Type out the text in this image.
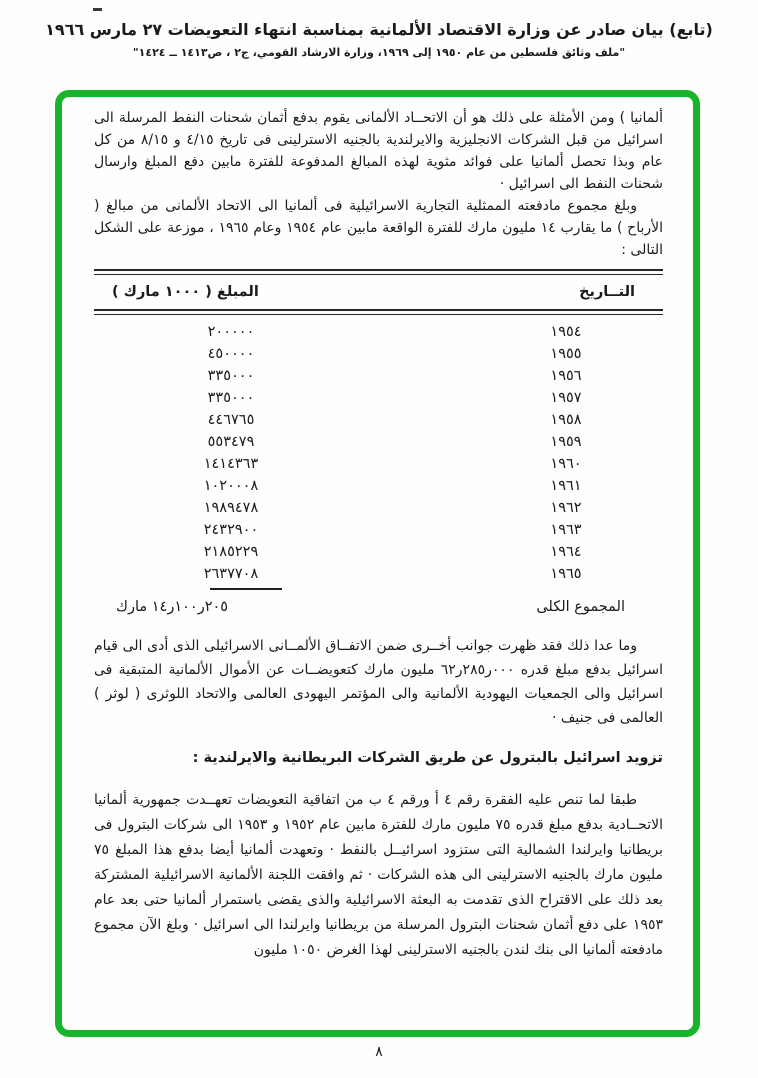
(تابع) بيان صادر عن وزارة الاقتصاد الألمانية بمناسبة انتهاء التعويضات ٢٧ مارس ١٩٦٦
"ملف وثائق فلسطين من عام ١٩٥٠ إلى ١٩٦٩، وزارة الارشاد القومي، ج٢ ، ص١٤١٣ ــ ١٤٢٤"

ألمانيا ) ومن الأمثلة على ذلك هو أن الاتحــاد الألمانى يقوم بدفع أثمان شحنات النفط المرسلة الى اسرائيل من قبل الشركات الانجليزية والايرلندية بالجنيه الاسترلينى فى تاريخ ٤/١٥ و ٨/١٥ من كل عام وبذا تحصل ألمانيا على فوائد مثوية لهذه المبالغ المدفوعة للفترة مابين دفع المبلغ وارسال شحنات النفط الى اسرائيل ·

وبلغ مجموع مادفعته الممثلية التجارية الاسرائيلية فى ألمانيا الى الاتحاد الألمانى من مبالغ ( الأرباح ) ما يقارب ١٤ مليون مارك للفترة الواقعة مابين عام ١٩٥٤ وعام ١٩٦٥ ، موزعة على الشكل التالى :

المبلغ ( ١٠٠٠ مارك )	التــاريخ
٢٠٠٠٠٠	١٩٥٤
٤٥٠٠٠٠	١٩٥٥
٣٣٥٠٠٠	١٩٥٦
٣٣٥٠٠٠	١٩٥٧
٤٤٦٧٦٥	١٩٥٨
٥٥٣٤٧٩	١٩٥٩
١٤١٤٣٦٣	١٩٦٠
١٠٢٠٠٠٨	١٩٦١
١٩٨٩٤٧٨	١٩٦٢
٢٤٣٢٩٠٠	١٩٦٣
٢١٨٥٢٢٩	١٩٦٤
٢٦٣٧٧٠٨	١٩٦٥
٢٠٥ر١٠٠ر١٤ مارك	المجموع الكلى

وما عدا ذلك فقد ظهرت جوانب أخــرى ضمن الاتفــاق الألمــانى الاسرائيلى الذى أدى الى قيام اسرائيل بدفع مبلغ قدره ٠٠٠ر٢٨٥ر٦٢ مليون مارك كتعويضــات عن الأموال الألمانية المتبقية فى اسرائيل والى الجمعيات اليهودية الألمانية والى المؤتمر اليهودى العالمى والاتحاد اللوثرى ( لوثر ) العالمى فى جنيف ·

تزويد اسرائيل بالبترول عن طريق الشركات البريطانية والايرلندية :

طبقا لما تنص عليه الفقرة رقم ٤ أ ورقم ٤ ب من اتفاقية التعويضات تعهــدت جمهورية ألمانيا الاتحــادية بدفع مبلغ قدره ٧٥ مليون مارك للفترة مابين عام ١٩٥٢ و ١٩٥٣ الى شركات البترول فى بريطانيا وايرلندا الشمالية التى ستزود اسرائيــل بالنفط · وتعهدت ألمانيا أيضا بدفع هذا المبلغ ٧٥ مليون مارك بالجنيه الاسترلينى الى هذه الشركات · ثم وافقت اللجنة الألمانية الاسرائيلية المشتركة بعد ذلك على الاقتراح الذى تقدمت به البعثة الاسرائيلية والذى يقضى باستمرار ألمانيا حتى بعد عام ١٩٥٣ على دفع أثمان شحنات البترول المرسلة من بريطانيا وايرلندا الى اسرائيل · وبلغ الآن مجموع مادفعته ألمانيا الى بنك لندن بالجنيه الاسترلينى لهذا الغرض ١٠٥٠ مليون

٨
